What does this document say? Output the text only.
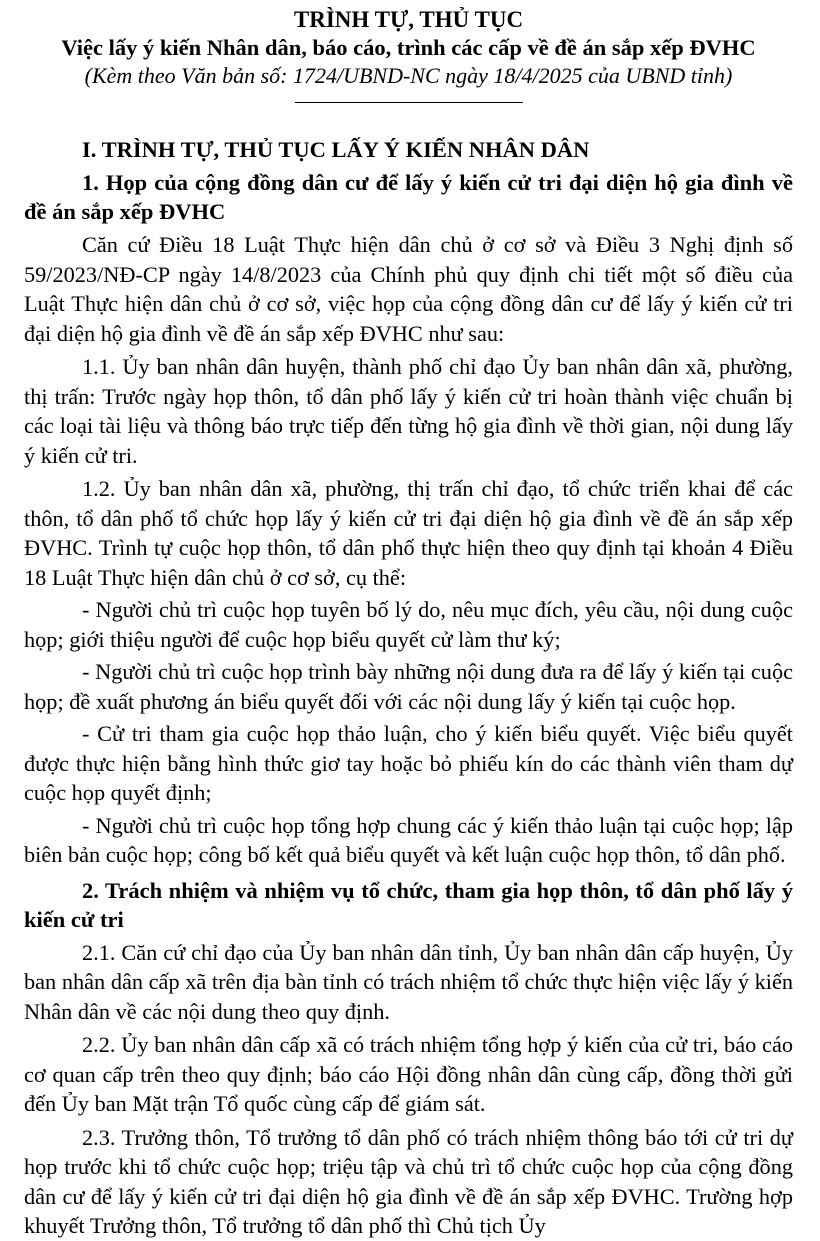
TRÌNH TỰ, THỦ TỤC

Việc lấy ý kiến Nhân dân, báo cáo, trình các cấp về đề án sắp xếp ĐVHC

(Kèm theo Văn bản số: 1724/UBND-NC ngày 18/4/2025 của UBND tỉnh)

I. TRÌNH TỰ, THỦ TỤC LẤY Ý KIẾN NHÂN DÂN

1. Họp của cộng đồng dân cư để lấy ý kiến cử tri đại diện hộ gia đình về đề án sắp xếp ĐVHC

Căn cứ Điều 18 Luật Thực hiện dân chủ ở cơ sở và Điều 3 Nghị định số 59/2023/NĐ-CP ngày 14/8/2023 của Chính phủ quy định chi tiết một số điều của Luật Thực hiện dân chủ ở cơ sở, việc họp của cộng đồng dân cư để lấy ý kiến cử tri đại diện hộ gia đình về đề án sắp xếp ĐVHC như sau:

1.1. Ủy ban nhân dân huyện, thành phố chỉ đạo Ủy ban nhân dân xã, phường, thị trấn: Trước ngày họp thôn, tổ dân phố lấy ý kiến cử tri hoàn thành việc chuẩn bị các loại tài liệu và thông báo trực tiếp đến từng hộ gia đình về thời gian, nội dung lấy ý kiến cử tri.

1.2. Ủy ban nhân dân xã, phường, thị trấn chỉ đạo, tổ chức triển khai để các thôn, tổ dân phố tổ chức họp lấy ý kiến cử tri đại diện hộ gia đình về đề án sắp xếp ĐVHC. Trình tự cuộc họp thôn, tổ dân phố thực hiện theo quy định tại khoản 4 Điều 18 Luật Thực hiện dân chủ ở cơ sở, cụ thể:

- Người chủ trì cuộc họp tuyên bố lý do, nêu mục đích, yêu cầu, nội dung cuộc họp; giới thiệu người để cuộc họp biểu quyết cử làm thư ký;

- Người chủ trì cuộc họp trình bày những nội dung đưa ra để lấy ý kiến tại cuộc họp; đề xuất phương án biểu quyết đối với các nội dung lấy ý kiến tại cuộc họp.

- Cử tri tham gia cuộc họp thảo luận, cho ý kiến biểu quyết. Việc biểu quyết được thực hiện bằng hình thức giơ tay hoặc bỏ phiếu kín do các thành viên tham dự cuộc họp quyết định;

- Người chủ trì cuộc họp tổng hợp chung các ý kiến thảo luận tại cuộc họp; lập biên bản cuộc họp; công bố kết quả biểu quyết và kết luận cuộc họp thôn, tổ dân phố.

2. Trách nhiệm và nhiệm vụ tổ chức, tham gia họp thôn, tổ dân phố lấy ý kiến cử tri

2.1. Căn cứ chỉ đạo của Ủy ban nhân dân tỉnh, Ủy ban nhân dân cấp huyện, Ủy ban nhân dân cấp xã trên địa bàn tỉnh có trách nhiệm tổ chức thực hiện việc lấy ý kiến Nhân dân về các nội dung theo quy định.

2.2. Ủy ban nhân dân cấp xã có trách nhiệm tổng hợp ý kiến của cử tri, báo cáo cơ quan cấp trên theo quy định; báo cáo Hội đồng nhân dân cùng cấp, đồng thời gửi đến Ủy ban Mặt trận Tổ quốc cùng cấp để giám sát.

2.3. Trưởng thôn, Tổ trưởng tổ dân phố có trách nhiệm thông báo tới cử tri dự họp trước khi tổ chức cuộc họp; triệu tập và chủ trì tổ chức cuộc họp của cộng đồng dân cư để lấy ý kiến cử tri đại diện hộ gia đình về đề án sắp xếp ĐVHC. Trường hợp khuyết Trưởng thôn, Tổ trưởng tổ dân phố thì Chủ tịch Ủy
